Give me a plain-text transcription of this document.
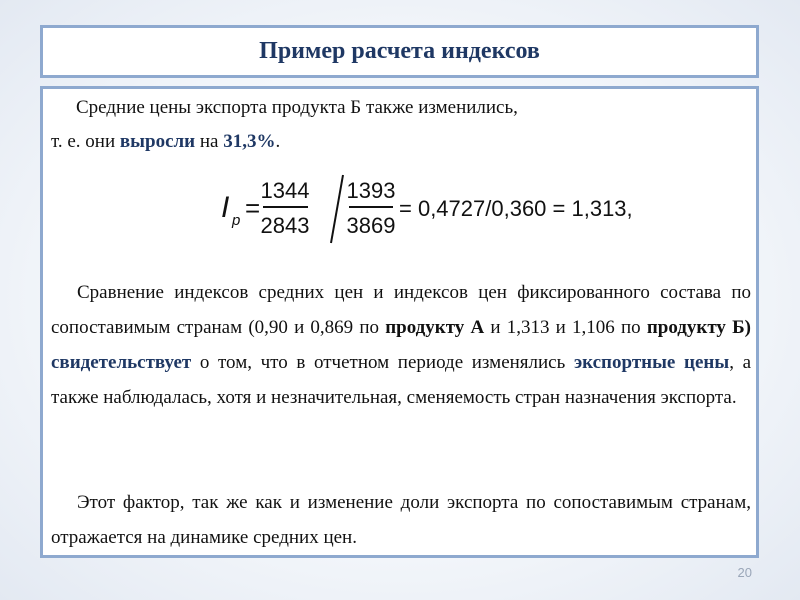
Пример расчета индексов
Средние цены экспорта продукта Б также изменились,
т. е. они выросли на 31,3%.
I p =
1344
2843
1393
3869
= 0,4727/0,360 = 1,313,

Сравнение индексов средних цен и индексов цен фиксированного состава по сопоставимым странам (0,90 и 0,869 по продукту А и 1,313 и 1,106 по продукту Б) свидетельствует о том, что в отчетном периоде изменялись экспортные цены, а также наблюдалась, хотя и незначительная, сменяемость стран назначения экспорта.

Этот фактор, так же как и изменение доли экспорта по сопоставимым странам, отражается на динамике средних цен.

20
